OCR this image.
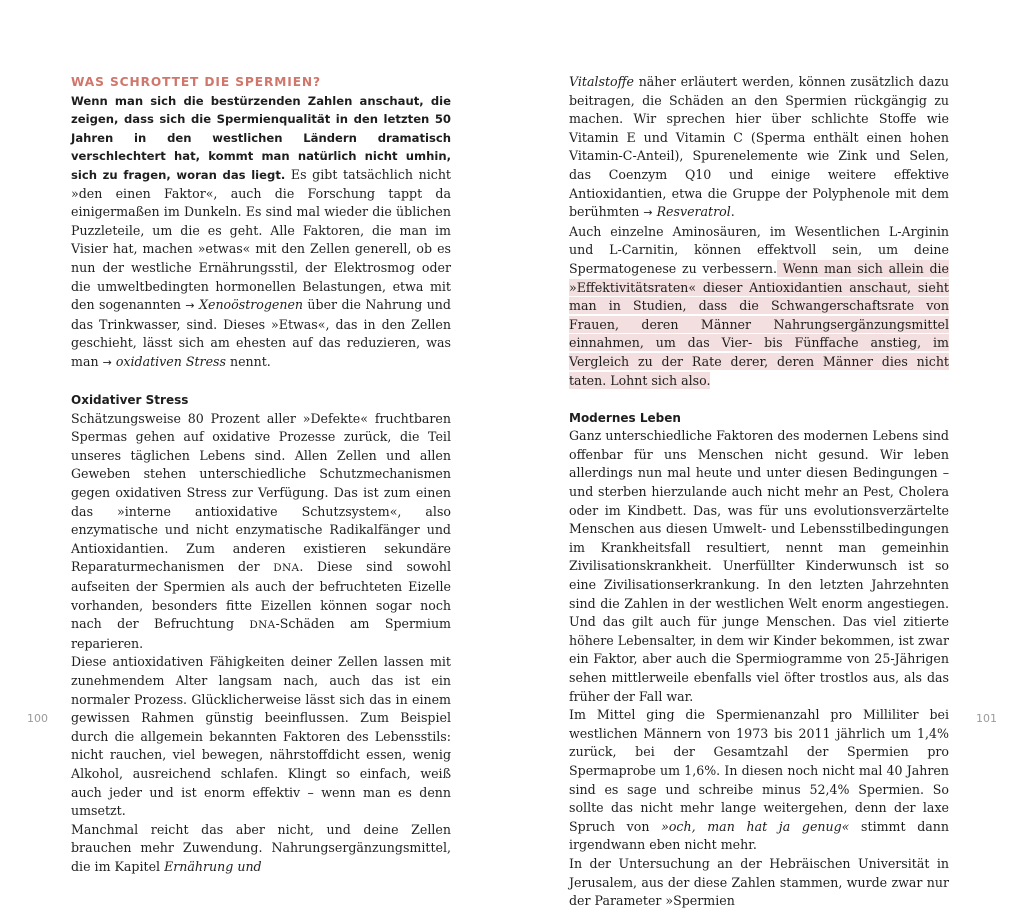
WAS SCHROTTET DIE SPERMIEN?

Wenn man sich die bestürzenden Zahlen anschaut, die zeigen, dass sich die Spermienqualität in den letzten 50 Jahren in den westlichen Ländern dramatisch verschlechtert hat, kommt man natürlich nicht umhin, sich zu fragen, woran das liegt. Es gibt tatsächlich nicht »den einen Faktor«, auch die Forschung tappt da einigermaßen im Dunkeln. Es sind mal wieder die üblichen Puzzleteile, um die es geht. Alle Faktoren, die man im Visier hat, machen »etwas« mit den Zellen generell, ob es nun der westliche Ernährungsstil, der Elektrosmog oder die umweltbedingten hormonellen Belastungen, etwa mit den sogenannten → Xenoöstrogenen über die Nahrung und das Trinkwasser, sind. Dieses »Etwas«, das in den Zellen geschieht, lässt sich am ehesten auf das reduzieren, was man → oxidativen Stress nennt.

Oxidativer Stress

Schätzungsweise 80 Prozent aller »Defekte« fruchtbaren Spermas gehen auf oxidative Prozesse zurück, die Teil unseres täglichen Lebens sind. Allen Zellen und allen Geweben stehen unterschiedliche Schutzmechanismen gegen oxidativen Stress zur Verfügung. Das ist zum einen das »interne antioxidative Schutzsystem«, also enzymatische und nicht enzymatische Radikalfänger und Antioxidantien. Zum anderen existieren sekundäre Reparaturmechanismen der DNA. Diese sind sowohl aufseiten der Spermien als auch der befruchteten Eizelle vorhanden, besonders fitte Eizellen können sogar noch nach der Befruchtung DNA-Schäden am Spermium reparieren.

Diese antioxidativen Fähigkeiten deiner Zellen lassen mit zunehmendem Alter langsam nach, auch das ist ein normaler Prozess. Glücklicherweise lässt sich das in einem gewissen Rahmen günstig beeinflussen. Zum Beispiel durch die allgemein bekannten Faktoren des Lebensstils: nicht rauchen, viel bewegen, nährstoffdicht essen, wenig Alkohol, ausreichend schlafen. Klingt so einfach, weiß auch jeder und ist enorm effektiv – wenn man es denn umsetzt.

Manchmal reicht das aber nicht, und deine Zellen brauchen mehr Zuwendung. Nahrungsergänzungsmittel, die im Kapitel Ernährung und

100

Vitalstoffe näher erläutert werden, können zusätzlich dazu beitragen, die Schäden an den Spermien rückgängig zu machen. Wir sprechen hier über schlichte Stoffe wie Vitamin E und Vitamin C (Sperma enthält einen hohen Vitamin-C-Anteil), Spurenelemente wie Zink und Selen, das Coenzym Q10 und einige weitere effektive Antioxidantien, etwa die Gruppe der Polyphenole mit dem berühmten → Resveratrol.

Auch einzelne Aminosäuren, im Wesentlichen L-Arginin und L-Carnitin, können effektvoll sein, um deine Spermatogenese zu verbessern. Wenn man sich allein die »Effektivitätsraten« dieser Antioxidantien anschaut, sieht man in Studien, dass die Schwangerschaftsrate von Frauen, deren Männer Nahrungsergänzungsmittel einnahmen, um das Vier- bis Fünffache anstieg, im Vergleich zu der Rate derer, deren Männer dies nicht taten. Lohnt sich also.

Modernes Leben

Ganz unterschiedliche Faktoren des modernen Lebens sind offenbar für uns Menschen nicht gesund. Wir leben allerdings nun mal heute und unter diesen Bedingungen – und sterben hierzulande auch nicht mehr an Pest, Cholera oder im Kindbett. Das, was für uns evolutionsverzärtelte Menschen aus diesen Umwelt- und Lebensstilbedingungen im Krankheitsfall resultiert, nennt man gemeinhin Zivilisationskrankheit. Unerfüllter Kinderwunsch ist so eine Zivilisationserkrankung. In den letzten Jahrzehnten sind die Zahlen in der westlichen Welt enorm angestiegen. Und das gilt auch für junge Menschen. Das viel zitierte höhere Lebensalter, in dem wir Kinder bekommen, ist zwar ein Faktor, aber auch die Spermiogramme von 25-Jährigen sehen mittlerweile ebenfalls viel öfter trostlos aus, als das früher der Fall war.

Im Mittel ging die Spermienanzahl pro Milliliter bei westlichen Männern von 1973 bis 2011 jährlich um 1,4% zurück, bei der Gesamtzahl der Spermien pro Spermaprobe um 1,6%. In diesen noch nicht mal 40 Jahren sind es sage und schreibe minus 52,4% Spermien. So sollte das nicht mehr lange weitergehen, denn der laxe Spruch von »och, man hat ja genug« stimmt dann irgendwann eben nicht mehr.

In der Untersuchung an der Hebräischen Universität in Jerusalem, aus der diese Zahlen stammen, wurde zwar nur der Parameter »Spermien

101
